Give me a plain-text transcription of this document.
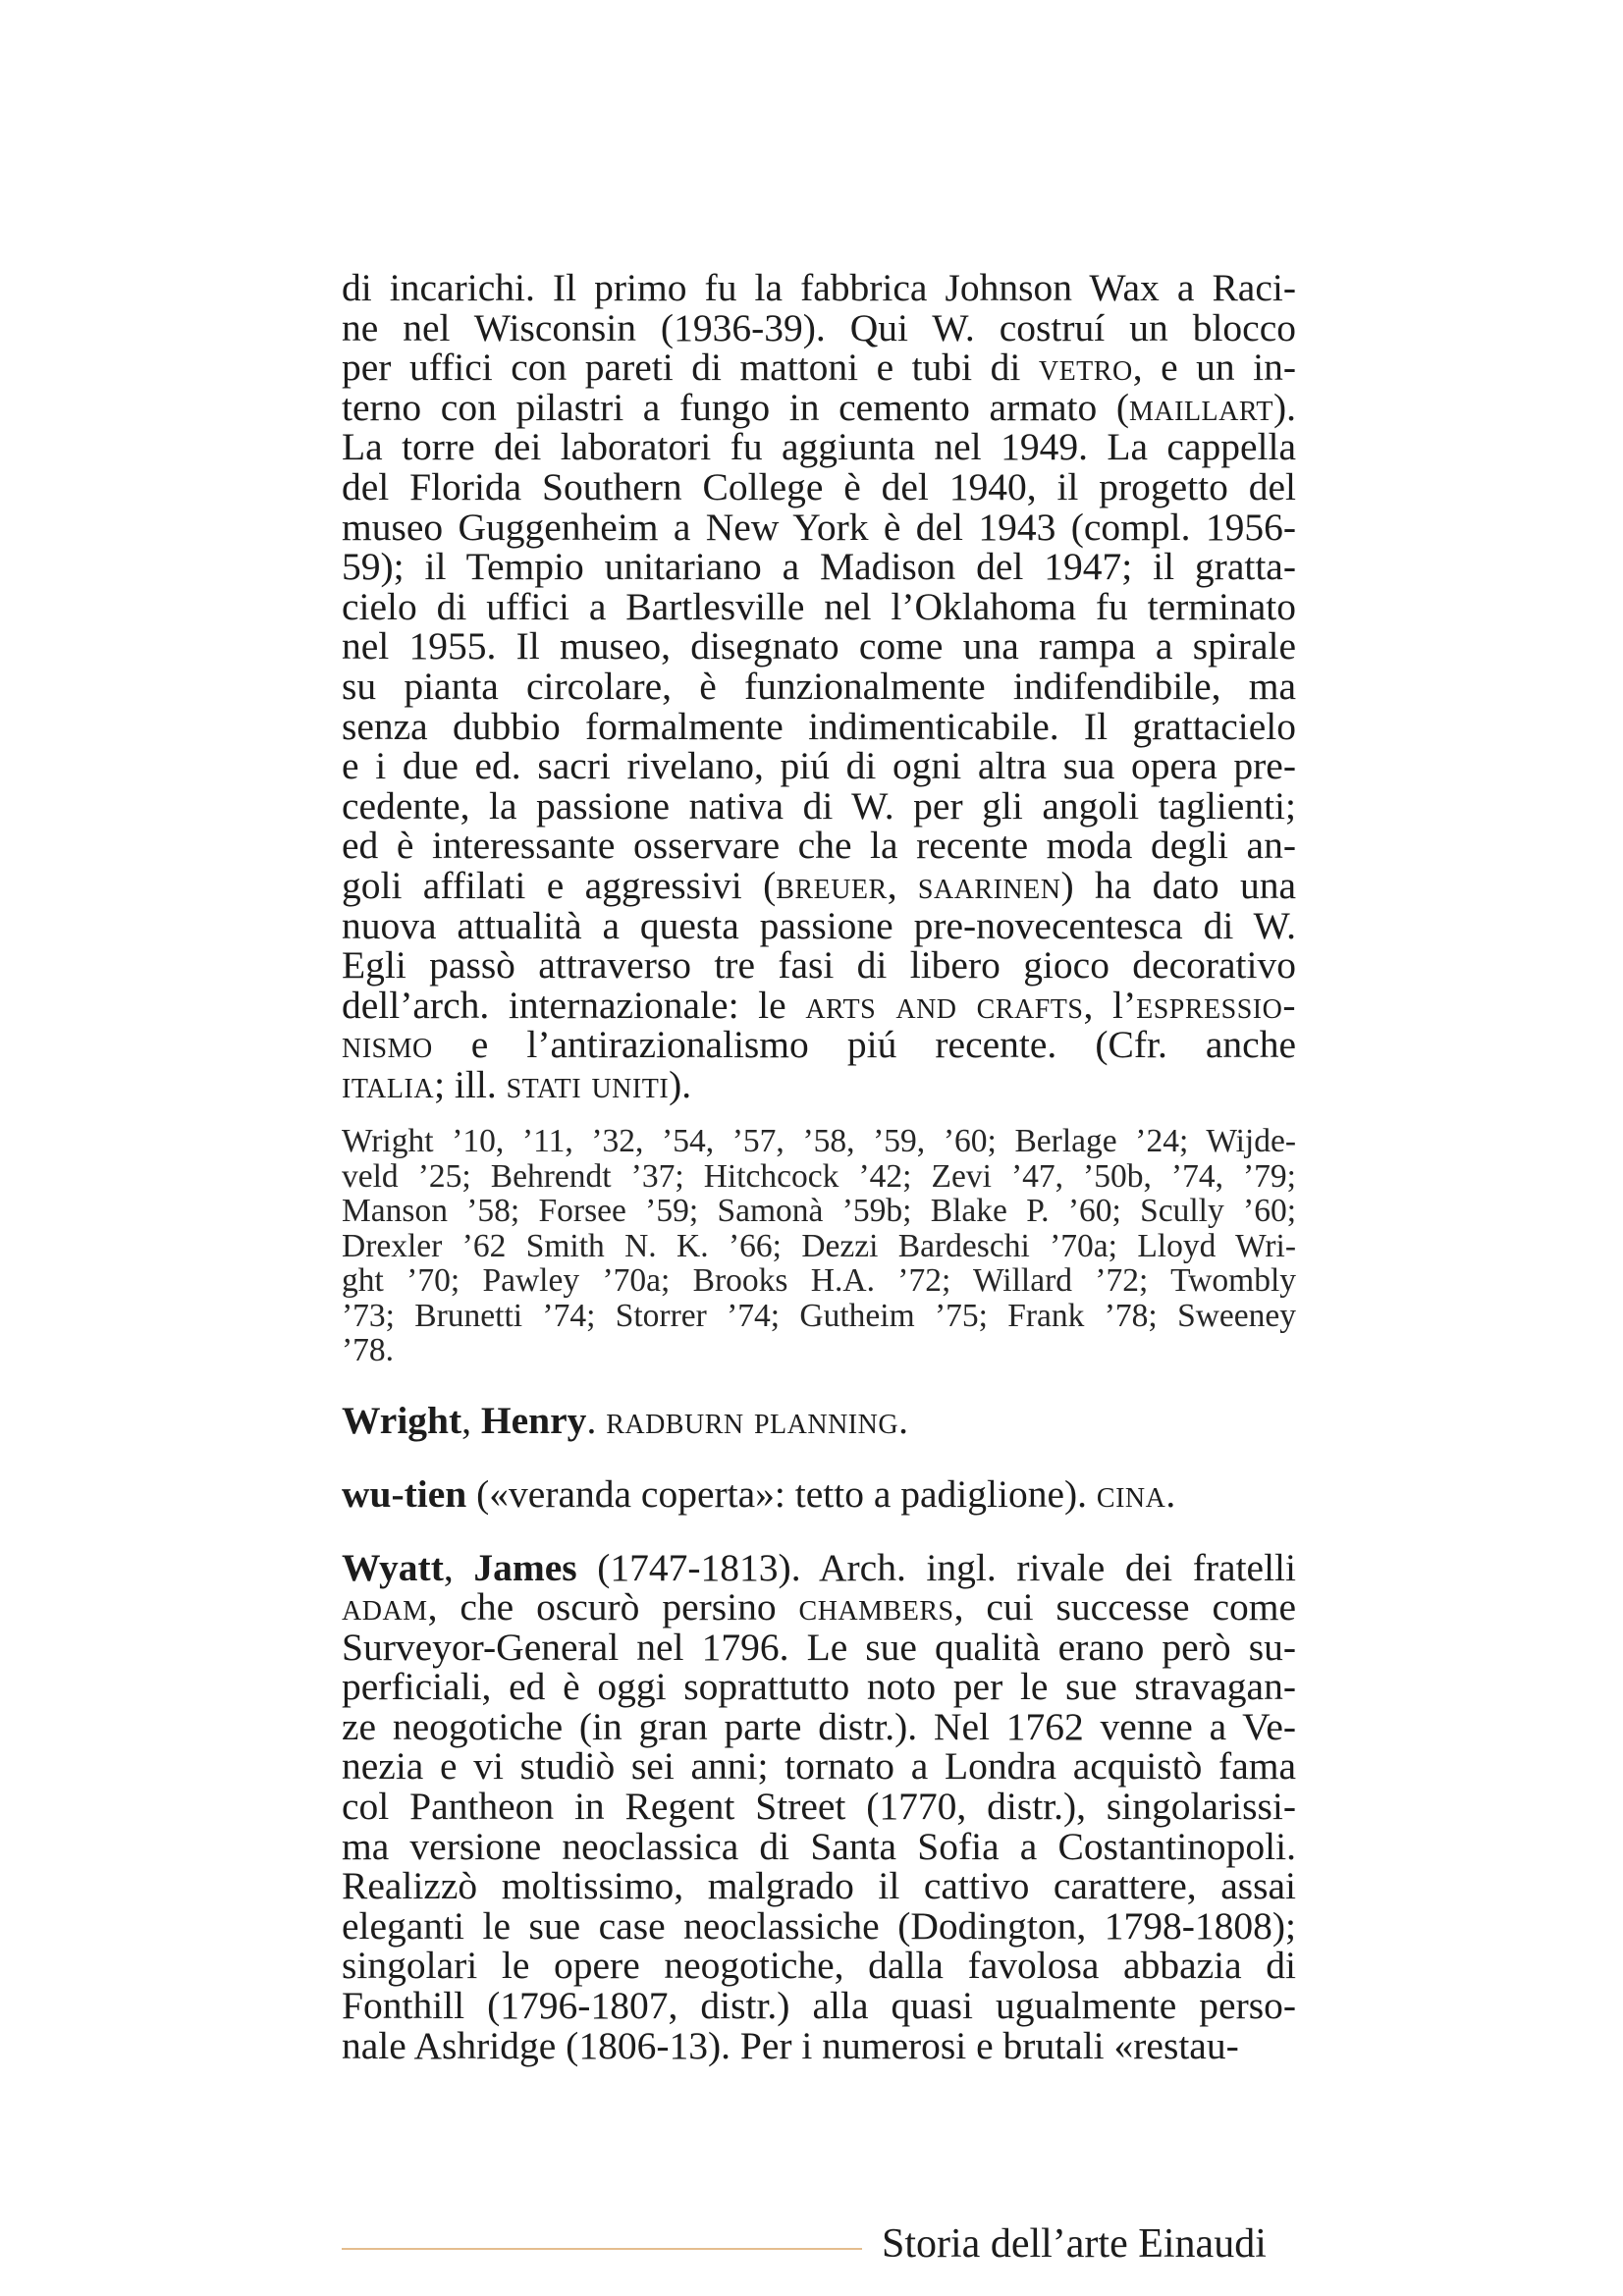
di incarichi. Il primo fu la fabbrica Johnson Wax a Raci-
ne nel Wisconsin (1936-39). Qui W. costruí un blocco
per uffici con pareti di mattoni e tubi di vetro, e un in-
terno con pilastri a fungo in cemento armato (maillart).
La torre dei laboratori fu aggiunta nel 1949. La cappella
del Florida Southern College è del 1940, il progetto del
museo Guggenheim a New York è del 1943 (compl. 1956-
59); il Tempio unitariano a Madison del 1947; il gratta-
cielo di uffici a Bartlesville nel l’Oklahoma fu terminato
nel 1955. Il museo, disegnato come una rampa a spirale
su pianta circolare, è funzionalmente indifendibile, ma
senza dubbio formalmente indimenticabile. Il grattacielo
e i due ed. sacri rivelano, piú di ogni altra sua opera pre-
cedente, la passione nativa di W. per gli angoli taglienti;
ed è interessante osservare che la recente moda degli an-
goli affilati e aggressivi (breuer, saarinen) ha dato una
nuova attualità a questa passione pre-novecentesca di W.
Egli passò attraverso tre fasi di libero gioco decorativo
dell’arch. internazionale: le arts and crafts, l’espressio-
nismo e l’antirazionalismo piú recente. (Cfr. anche
italia; ill. stati uniti).
Wright ’10, ’11, ’32, ’54, ’57, ’58, ’59, ’60; Berlage ’24; Wijde-
veld ’25; Behrendt ’37; Hitchcock ’42; Zevi ’47, ’50b, ’74, ’79;
Manson ’58; Forsee ’59; Samonà ’59b; Blake P. ’60; Scully ’60;
Drexler ’62 Smith N. K. ’66; Dezzi Bardeschi ’70a; Lloyd Wri-
ght ’70; Pawley ’70a; Brooks H.A. ’72; Willard ’72; Twombly
’73; Brunetti ’74; Storrer ’74; Gutheim ’75; Frank ’78; Sweeney
’78.
Wright, Henry. radburn planning.
wu-tien («veranda coperta»: tetto a padiglione). cina.
Wyatt, James (1747-1813). Arch. ingl. rivale dei fratelli
adam, che oscurò persino chambers, cui successe come
Surveyor-General nel 1796. Le sue qualità erano però su-
perficiali, ed è oggi soprattutto noto per le sue stravagan-
ze neogotiche (in gran parte distr.). Nel 1762 venne a Ve-
nezia e vi studiò sei anni; tornato a Londra acquistò fama
col Pantheon in Regent Street (1770, distr.), singolarissi-
ma versione neoclassica di Santa Sofia a Costantinopoli.
Realizzò moltissimo, malgrado il cattivo carattere, assai
eleganti le sue case neoclassiche (Dodington, 1798-1808);
singolari le opere neogotiche, dalla favolosa abbazia di
Fonthill (1796-1807, distr.) alla quasi ugualmente perso-
nale Ashridge (1806-13). Per i numerosi e brutali «restau-
Storia dell’arte Einaudi
